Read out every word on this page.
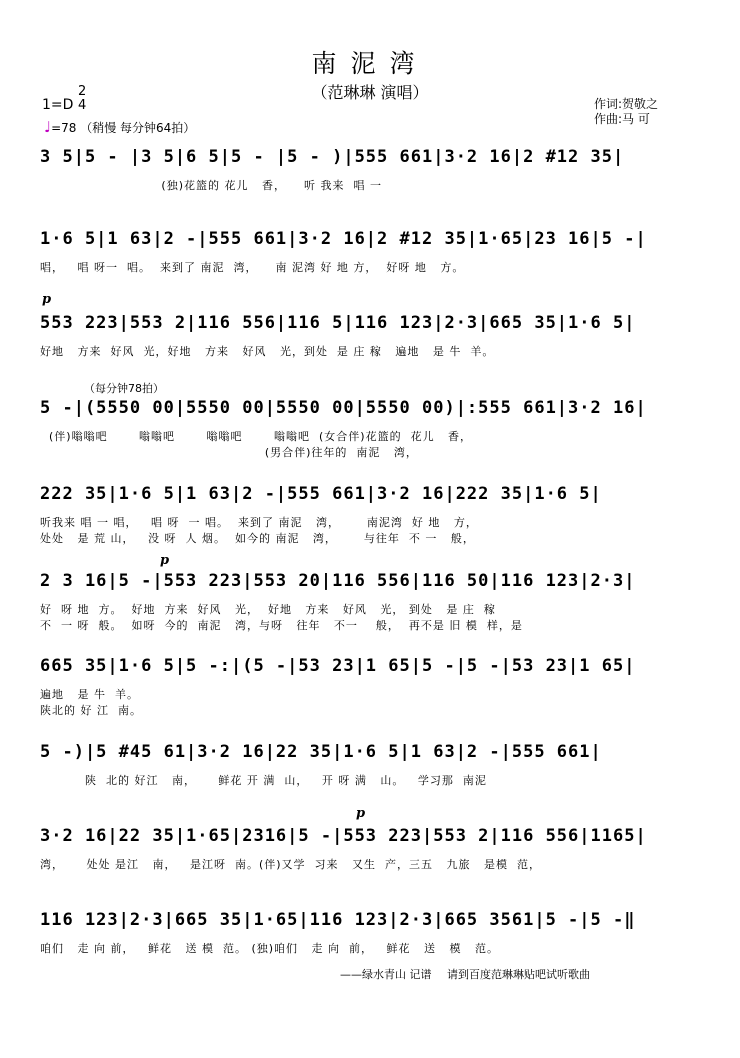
南泥湾
（范琳琳 演唱）
1=D
2
4
♩=78 （稍慢 每分钟64拍）
作词:贺敬之
作曲:马 可
3 5|5 - |3 5|6 5|5 - |5 - )|555 661|3·2 16|2 #12 35|
(独)花篮的 花儿   香，    听 我来  唱 一
1·6 5|1 63|2 -|555 661|3·2 16|2 #12 35|1·65|23 16|5 -|
唱，   唱 呀一  唱。  来到了 南泥  湾，    南 泥湾 好 地 方，  好呀 地   方。
p
553 223|553 2|116 556|116 5|116 123|2·3|665 35|1·6 5|
好地   方来  好风  光，好地   方来   好风   光，到处  是 庄 稼   遍地   是 牛  羊。
（每分钟78拍）
5 -|(5550 00|5550 00|5550 00|5550 00)|:555 661|3·2 16|
(伴)嗡嗡吧       嗡嗡吧       嗡嗡吧       嗡嗡吧  (女合伴)花篮的  花儿   香，
(男合伴)往年的  南泥   湾，
222 35|1·6 5|1 63|2 -|555 661|3·2 16|222 35|1·6 5|
听我来 唱 一 唱，   唱 呀  一 唱。  来到了 南泥   湾，      南泥湾  好 地   方，
处处   是 荒 山，   没 呀  人 烟。  如今的 南泥   湾，      与往年  不 一   般，
p
2 3 16|5 -|553 223|553 20|116 556|116 50|116 123|2·3|
好  呀 地  方。  好地  方来  好风   光，  好地   方来   好风   光， 到处   是 庄  稼
不  一 呀  般。  如呀  今的  南泥   湾，与呀   往年   不一    般，  再不是 旧 模  样，是
665 35|1·6 5|5 -:|(5 -|53 23|1 65|5 -|5 -|53 23|1 65|
遍地   是 牛  羊。
陕北的 好 江  南。
5 -)|5 #45 61|3·2 16|22 35|1·6 5|1 63|2 -|555 661|
陕  北的 好江   南，     鲜花 开 满  山，   开 呀 满   山。   学习那  南泥
p
3·2 16|22 35|1·65|2316|5 -|553 223|553 2|116 556|1165|
湾，     处处 是江   南，   是江呀  南。(伴)又学  习来   又生  产，三五   九旅   是模  范，
116 123|2·3|665 35|1·65|116 123|2·3|665 3561|5 -|5 -‖
咱们   走 向 前，   鲜花   送 模  范。 (独)咱们   走 向  前，   鲜花   送   模   范。
——绿水青山 记谱 请到百度范琳琳贴吧试听歌曲
